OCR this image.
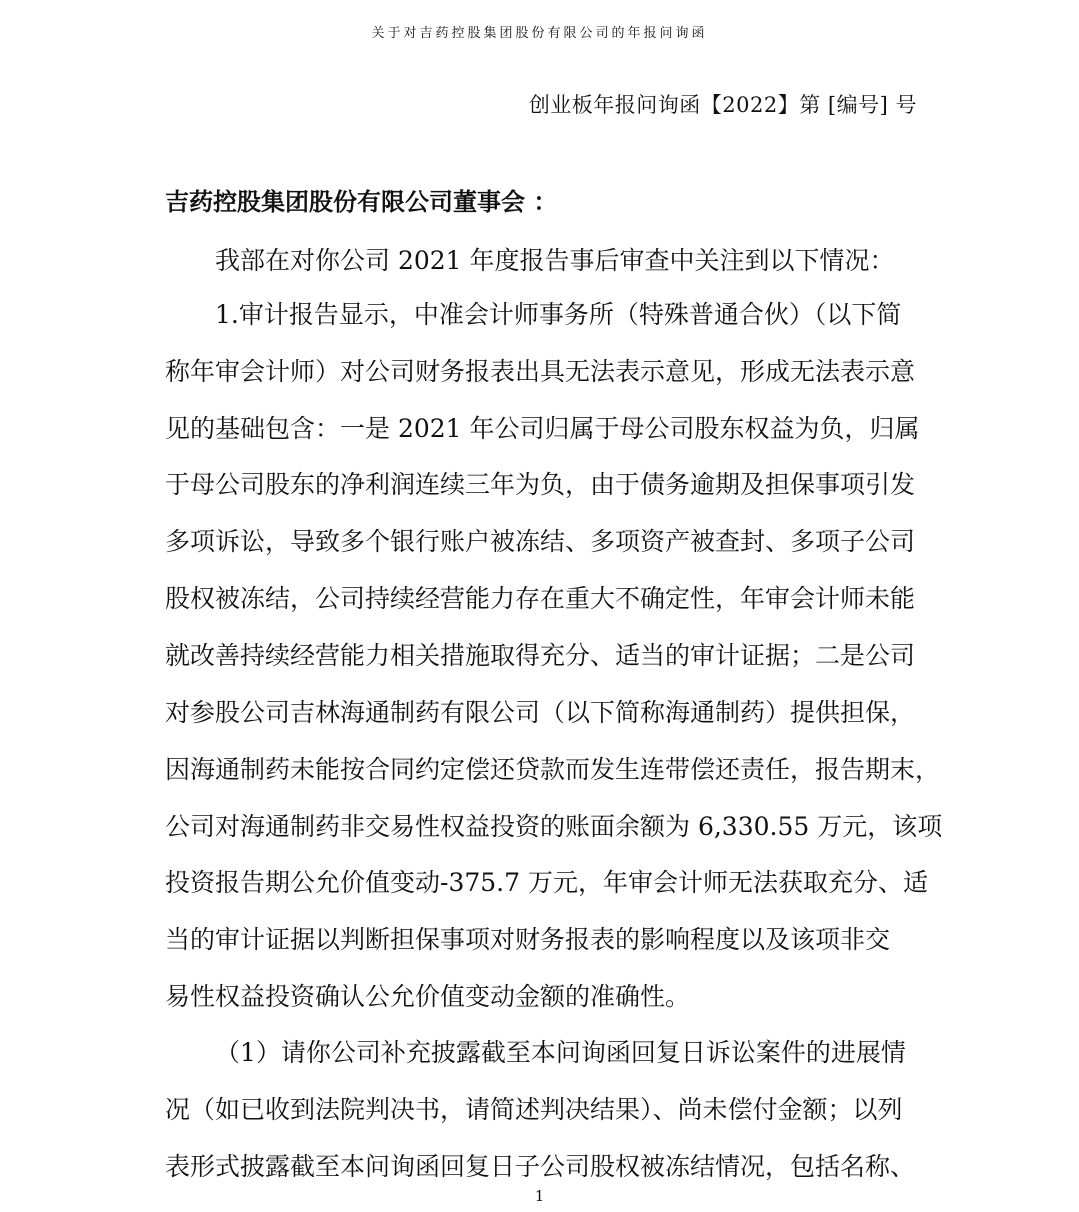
关于对吉药控股集团股份有限公司的年报问询函
创业板年报问询函【2022】第 [编号] 号
吉药控股集团股份有限公司董事会 ：
我部在对你公司 2021 年度报告事后审查中关注到以下情况：
1.审计报告显示，中准会计师事务所（特殊普通合伙）（以下简
称年审会计师）对公司财务报表出具无法表示意见，形成无法表示意
见的基础包含：一是 2021 年公司归属于母公司股东权益为负，归属
于母公司股东的净利润连续三年为负，由于债务逾期及担保事项引发
多项诉讼，导致多个银行账户被冻结、多项资产被查封、多项子公司
股权被冻结，公司持续经营能力存在重大不确定性，年审会计师未能
就改善持续经营能力相关措施取得充分、适当的审计证据；二是公司
对参股公司吉林海通制药有限公司（以下简称海通制药）提供担保，
因海通制药未能按合同约定偿还贷款而发生连带偿还责任，报告期末，
公司对海通制药非交易性权益投资的账面余额为 6,330.55 万元，该项
投资报告期公允价值变动-375.7 万元，年审会计师无法获取充分、适
当的审计证据以判断担保事项对财务报表的影响程度以及该项非交
易性权益投资确认公允价值变动金额的准确性。
（1）请你公司补充披露截至本问询函回复日诉讼案件的进展情
况（如已收到法院判决书，请简述判决结果）、尚未偿付金额；以列
表形式披露截至本问询函回复日子公司股权被冻结情况，包括名称、
1
